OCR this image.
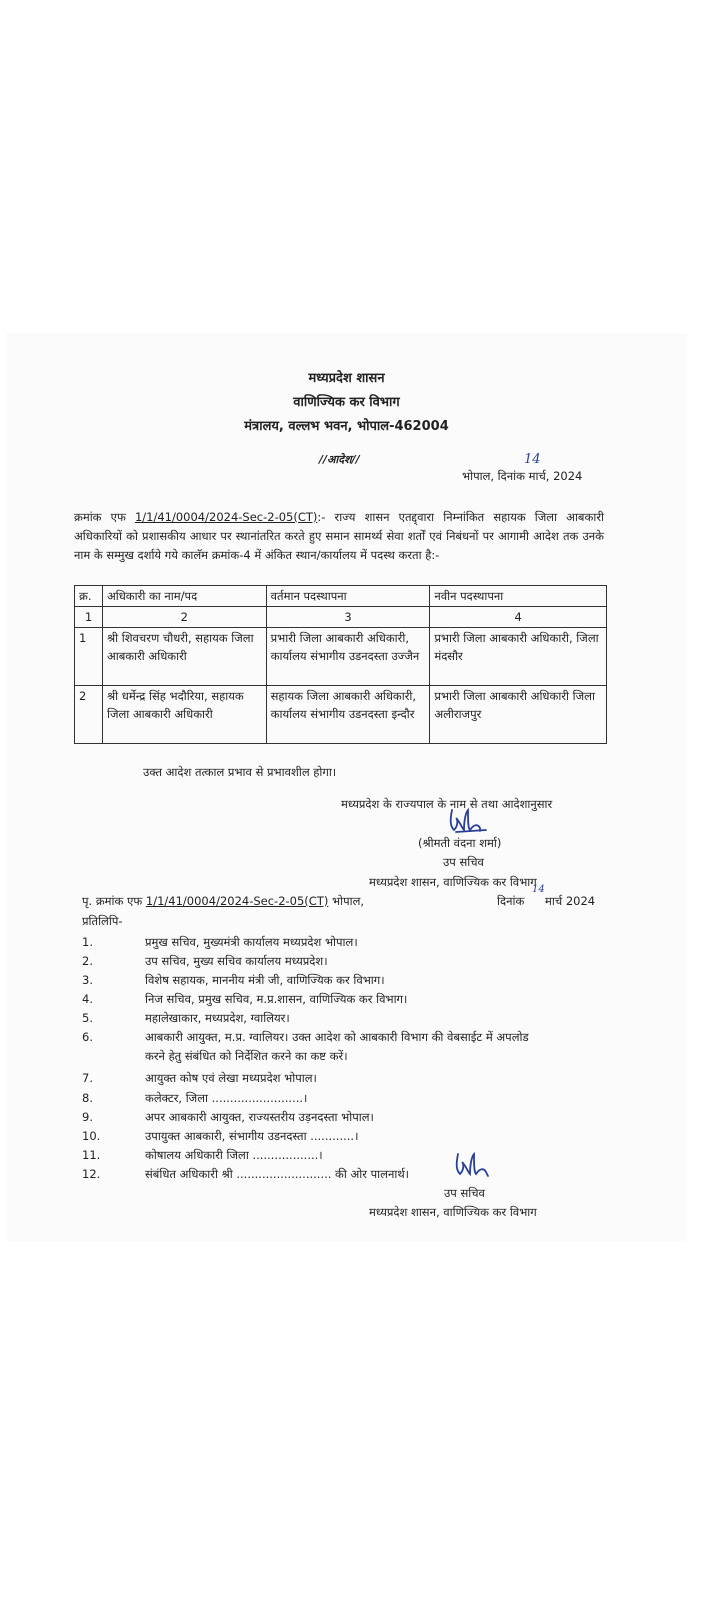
मध्यप्रदेश शासन
वाणिज्यिक कर विभाग
मंत्रालय, वल्लभ भवन, भोपाल-462004
//आदेश//	14
भोपाल, दिनांक मार्च, 2024
क्रमांक एफ 1/1/41/0004/2024-Sec-2-05(CT):- राज्य शासन एतद्द्वारा निम्नांकित सहायक जिला आबकारी अधिकारियों को प्रशासकीय आधार पर स्थानांतरित करते हुए समान सामर्थ्य सेवा शर्तों एवं निबंधनों पर आगामी आदेश तक उनके नाम के सम्मुख दर्शाये गये कालॅम क्रमांक-4 में अंकित स्थान/कार्यालय में पदस्थ करता है:-
क्र.	अधिकारी का नाम/पद	वर्तमान पदस्थापना	नवीन पदस्थापना
1	2	3	4
1	श्री शिवचरण चौधरी, सहायक जिला आबकारी अधिकारी	प्रभारी जिला आबकारी अधिकारी, कार्यालय संभागीय उडनदस्ता उज्जैन	प्रभारी जिला आबकारी अधिकारी, जिला मंदसौर
2	श्री धर्मेन्द्र सिंह भदौरिया, सहायक जिला आबकारी अधिकारी	सहायक जिला आबकारी अधिकारी, कार्यालय संभागीय उडनदस्ता इन्दौर	प्रभारी जिला आबकारी अधिकारी जिला अलीराजपुर
उक्त आदेश तत्काल प्रभाव से प्रभावशील होगा।
मध्यप्रदेश के राज्यपाल के नाम से तथा आदेशानुसार
(श्रीमती वंदना शर्मा)
उप सचिव
मध्यप्रदेश शासन, वाणिज्यिक कर विभाग
पृ. क्रमांक एफ 1/1/41/0004/2024-Sec-2-05(CT) भोपाल,	दिनांक
14
मार्च 2024
प्रतिलिपि-
1.	प्रमुख सचिव, मुख्यमंत्री कार्यालय मध्यप्रदेश भोपाल।
2.	उप सचिव, मुख्य सचिव कार्यालय मध्यप्रदेश।
3.	विशेष सहायक, माननीय मंत्री जी, वाणिज्यिक कर विभाग।
4.	निज सचिव, प्रमुख सचिव, म.प्र.शासन, वाणिज्यिक कर विभाग।
5.	महालेखाकार, मध्यप्रदेश, ग्वालियर।
6.	आबकारी आयुक्त, म.प्र. ग्वालियर। उक्त आदेश को आबकारी विभाग की वेबसाईट में अपलोड
करने हेतु संबंधित को निर्देशित करने का कष्ट करें।
7.	आयुक्त कोष एवं लेखा मध्यप्रदेश भोपाल।
8.	कलेक्टर, जिला .........................।
9.	अपर आबकारी आयुक्त, राज्यस्तरीय उड़नदस्ता भोपाल।
10.	उपायुक्त आबकारी, संभागीय उडनदस्ता ............।
11.	कोषालय अधिकारी जिला ..................।
12.	संबंधित अधिकारी श्री .......................... की ओर पालनार्थ।
उप सचिव
मध्यप्रदेश शासन, वाणिज्यिक कर विभाग
